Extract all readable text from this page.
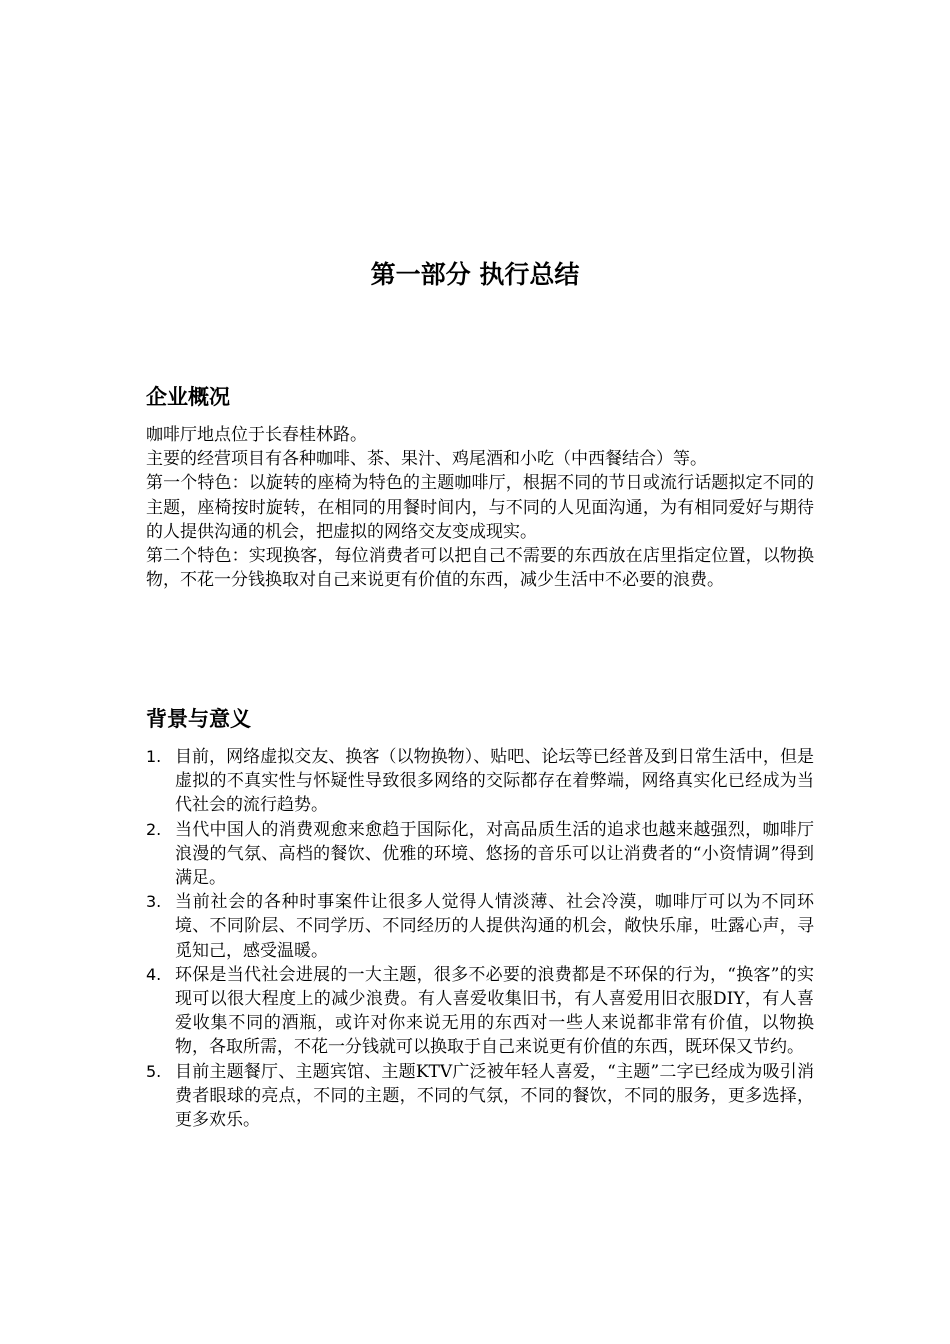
第一部分 执行总结
企业概况

咖啡厅地点位于长春桂林路。

主要的经营项目有各种咖啡、茶、果汁、鸡尾酒和小吃（中西餐结合）等。

第一个特色：以旋转的座椅为特色的主题咖啡厅，根据不同的节日或流行话题拟定不同的主题，座椅按时旋转，在相同的用餐时间内，与不同的人见面沟通，为有相同爱好与期待的人提供沟通的机会，把虚拟的网络交友变成现实。

第二个特色：实现换客，每位消费者可以把自己不需要的东西放在店里指定位置，以物换物，不花一分钱换取对自己来说更有价值的东西，减少生活中不必要的浪费。

背景与意义
1. 目前，网络虚拟交友、换客（以物换物）、贴吧、论坛等已经普及到日常生活中，但是虚拟的不真实性与怀疑性导致很多网络的交际都存在着弊端，网络真实化已经成为当代社会的流行趋势。
2. 当代中国人的消费观愈来愈趋于国际化，对高品质生活的追求也越来越强烈，咖啡厅浪漫的气氛、高档的餐饮、优雅的环境、悠扬的音乐可以让消费者的“小资情调”得到满足。
3. 当前社会的各种时事案件让很多人觉得人情淡薄、社会冷漠，咖啡厅可以为不同环境、不同阶层、不同学历、不同经历的人提供沟通的机会，敞快乐扉，吐露心声，寻觅知己，感受温暖。
4. 环保是当代社会进展的一大主题，很多不必要的浪费都是不环保的行为，“换客”的实现可以很大程度上的减少浪费。有人喜爱收集旧书，有人喜爱用旧衣服DIY，有人喜爱收集不同的酒瓶，或许对你来说无用的东西对一些人来说都非常有价值，以物换物，各取所需，不花一分钱就可以换取于自己来说更有价值的东西，既环保又节约。
5. 目前主题餐厅、主题宾馆、主题KTV广泛被年轻人喜爱，“主题”二字已经成为吸引消费者眼球的亮点，不同的主题，不同的气氛，不同的餐饮，不同的服务，更多选择，更多欢乐。
